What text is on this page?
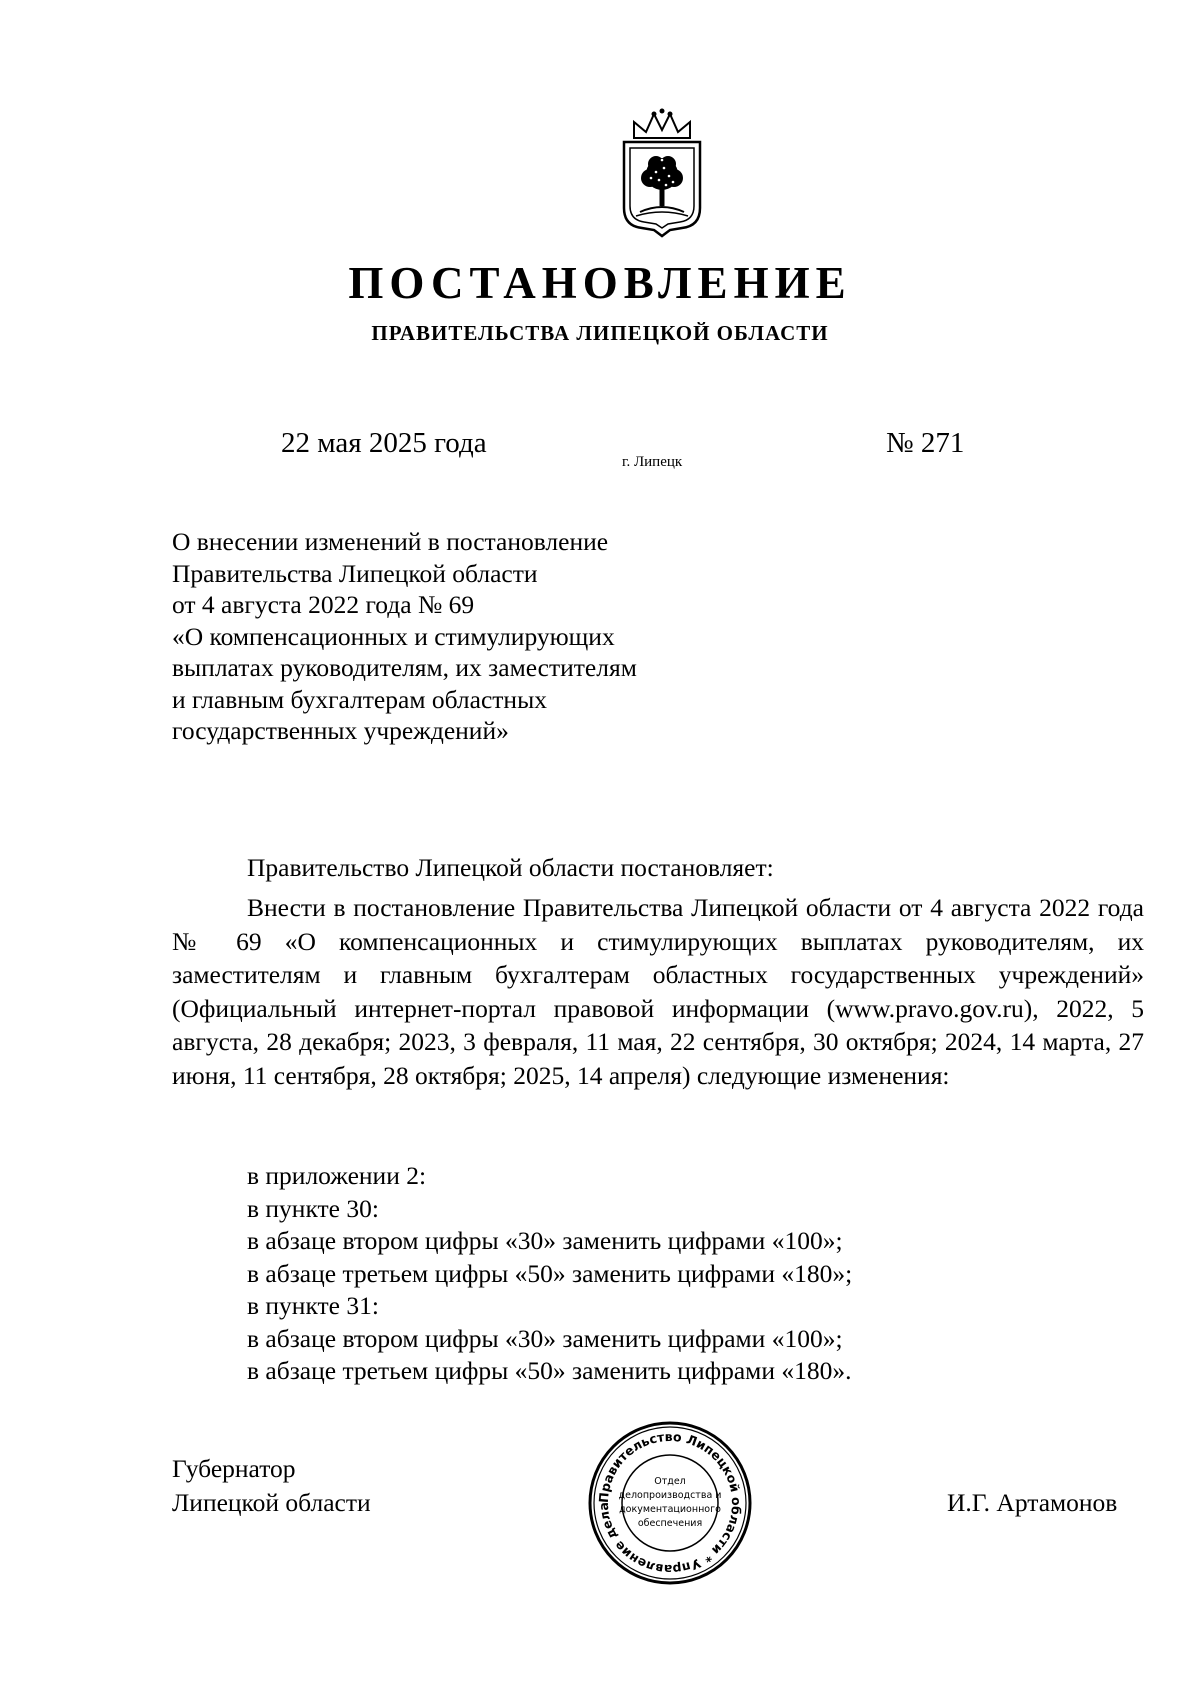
ПОСТАНОВЛЕНИЕ
ПРАВИТЕЛЬСТВА ЛИПЕЦКОЙ ОБЛАСТИ
22 мая 2025 года
г. Липецк
№ 271
О внесении изменений в постановление
Правительства Липецкой области
от 4 августа 2022 года № 69
«О компенсационных и стимулирующих
выплатах руководителям, их заместителям
и главным бухгалтерам областных
государственных учреждений»
Правительство Липецкой области постановляет:

Внести в постановление Правительства Липецкой области от 4 августа 2022 года № 69 «О компенсационных и стимулирующих выплатах руководителям, их заместителям и главным бухгалтерам областных государственных учреждений» (Официальный интернет-портал правовой информации (www.pravo.gov.ru), 2022, 5 августа, 28 декабря; 2023, 3 февраля, 11 мая, 22 сентября, 30 октября; 2024, 14 марта, 27 июня, 11 сентября, 28 октября; 2025, 14 апреля) следующие изменения:

в приложении 2:
в пункте 30:
в абзаце втором цифры «30» заменить цифрами «100»;
в абзаце третьем цифры «50» заменить цифрами «180»;
в пункте 31:
в абзаце втором цифры «30» заменить цифрами «100»;
в абзаце третьем цифры «50» заменить цифрами «180».
Губернатор
Липецкой области	Правительство Липецкой области * Управление дела
Отдел
делопроизводства и
документационного
обеспечения
И.Г. Артамонов
